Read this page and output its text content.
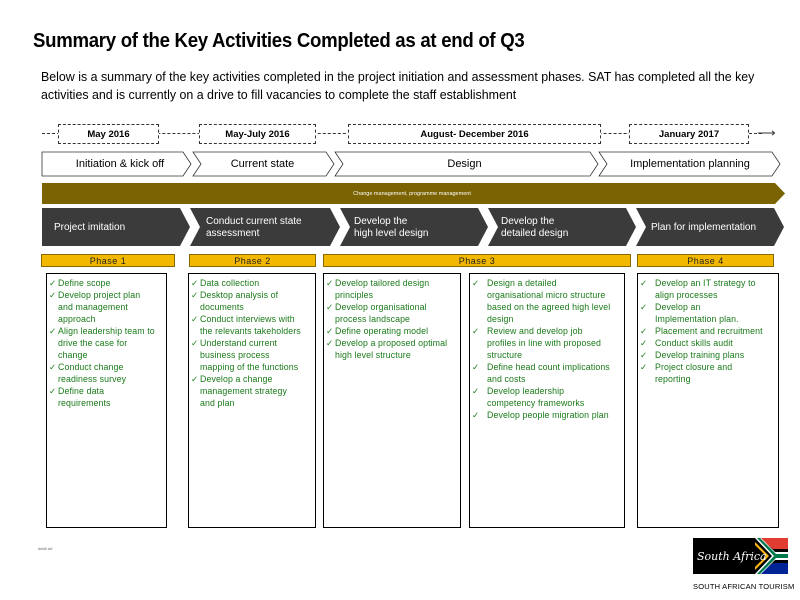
Summary of the Key Activities Completed as at end of Q3
Below is a summary of the key activities completed in the project initiation and assessment phases. SAT has completed all the key activities and is currently on a drive to fill vacancies to complete the staff establishment
⟶
May 2016	May-July 2016	August- December 2016	January 2017
Initiation & kick off	Current state	Design	Implementation planning
Change management, programme management
Project imitation
Conduct current state
assessment
Develop the
high level design
Develop the
detailed design
Plan for implementation
Phase 1	Phase 2	Phase 3	Phase 4
✓ Define scope
✓ Develop project plan
and management
approach
✓ Align leadership team to
drive the case for
change
✓ Conduct change
readiness survey
✓ Define data
requirements
✓ Data collection
✓ Desktop analysis of
documents
✓ Conduct interviews with
the relevants takeholders
✓ Understand current
business process
mapping of the functions
✓ Develop a change
management strategy
and plan
✓ Develop tailored design
principles
✓ Develop organisational
process landscape
✓ Define operating model
✓ Develop a proposed optimal
high level structure
✓ Design a detailed
organisational micro structure
based on the agreed high level
design
✓ Review and develop job
profiles in line with proposed
structure
✓ Define head count implications
and costs
✓ Develop leadership
competency frameworks
✓ Develop people migration plan
✓ Develop an IT strategy to
align processes
✓ Develop an
Implementation plan.
✓ Placement and recruitment
✓ Conduct skills audit
✓ Develop training plans
✓ Project closure and
reporting
#### ##
South Africa
SOUTH AFRICAN TOURISM
